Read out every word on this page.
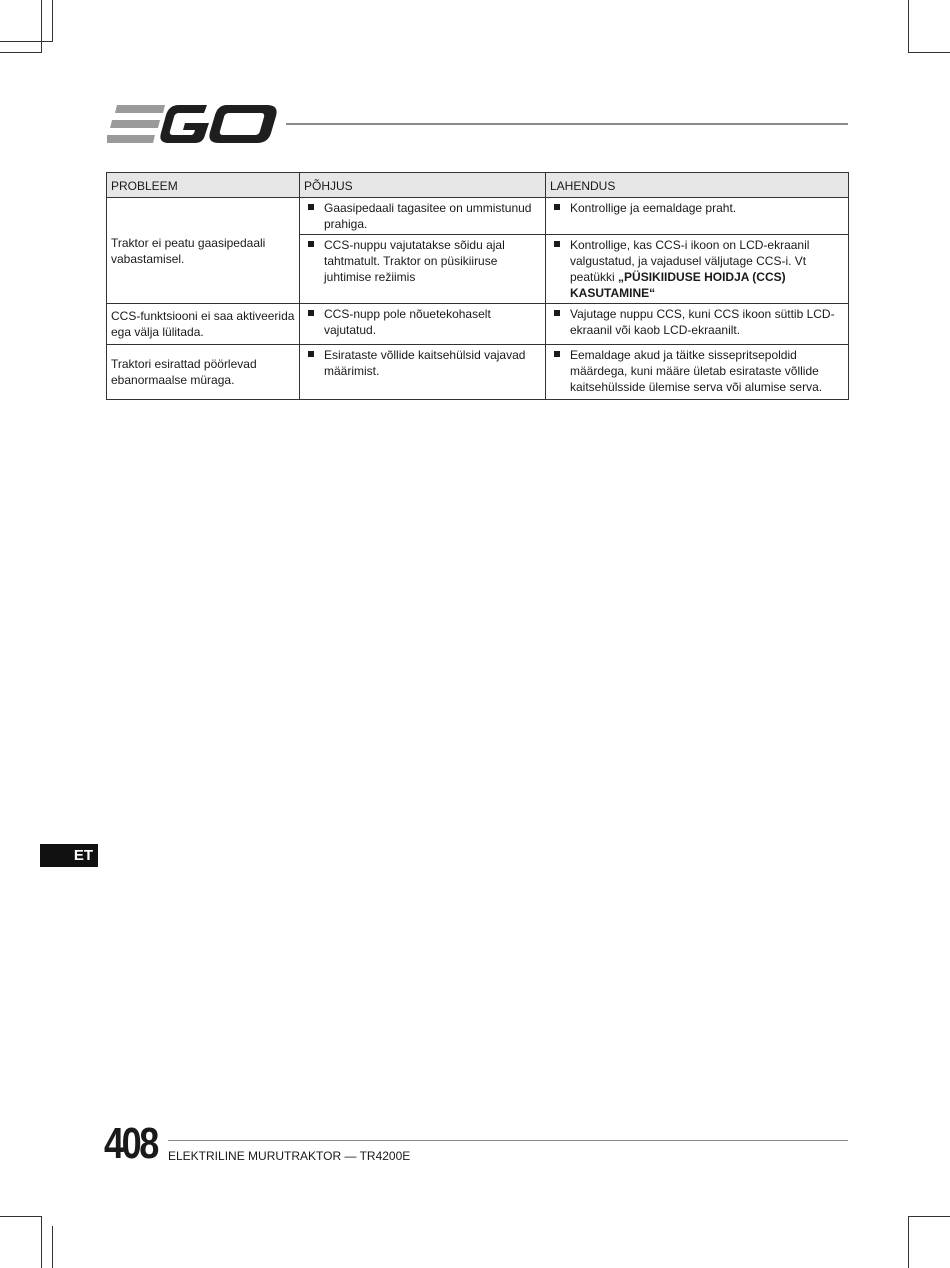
PROBLEEM	PÕHJUS	LAHENDUS
Traktor ei peatu gaasipedaali vabastamisel.	Gaasipedaali tagasitee on ummistunud prahiga.	Kontrollige ja eemaldage praht.

CCS-nuppu vajutatakse sõidu ajal tahtmatult. Traktor on püsikiiruse juhtimise režiimis	Kontrollige, kas CCS-i ikoon on LCD-ekraanil valgustatud, ja vajadusel väljutage CCS-i. Vt peatükki „PÜSIKIIDUSE HOIDJA (CCS) KASUTAMINE“

CCS-funktsiooni ei saa aktiveerida ega välja lülitada.	CCS-nupp pole nõuetekohaselt vajutatud.	Vajutage nuppu CCS, kuni CCS ikoon süttib LCD-ekraanil või kaob LCD-ekraanilt.

Traktori esirattad pöörlevad ebanormaalse müraga.	Esirataste võllide kaitsehülsid vajavad määrimist.	Eemaldage akud ja täitke sissepritsepoldid määrdega, kuni määre ületab esirataste võllide kaitsehülsside ülemise serva või alumise serva.
ET
408 ELEKTRILINE MURUTRAKTOR — TR4200E
